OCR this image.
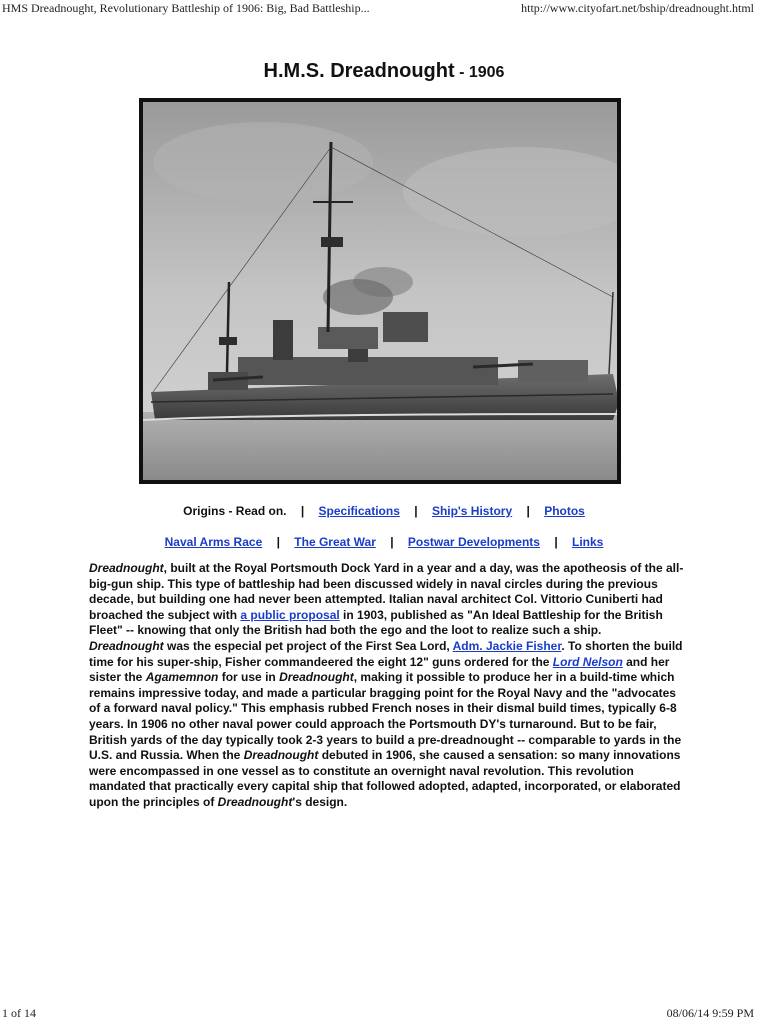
HMS Dreadnought, Revolutionary Battleship of 1906: Big, Bad Battleship...	http://www.cityofart.net/bship/dreadnought.html
H.M.S. Dreadnought - 1906
Origins - Read on. | Specifications | Ship's History | Photos
Naval Arms Race | The Great War | Postwar Developments | Links
Dreadnought, built at the Royal Portsmouth Dock Yard in a year and a day, was the apotheosis of the all-big-gun ship. This type of battleship had been discussed widely in naval circles during the previous decade, but building one had never been attempted. Italian naval architect Col. Vittorio Cuniberti had broached the subject with a public proposal in 1903, published as "An Ideal Battleship for the British Fleet" -- knowing that only the British had both the ego and the loot to realize such a ship.
Dreadnought was the especial pet project of the First Sea Lord, Adm. Jackie Fisher. To shorten the build time for his super-ship, Fisher commandeered the eight 12" guns ordered for the Lord Nelson and her sister the Agamemnon for use in Dreadnought, making it possible to produce her in a build-time which remains impressive today, and made a particular bragging point for the Royal Navy and the "advocates of a forward naval policy." This emphasis rubbed French noses in their dismal build times, typically 6-8 years. In 1906 no other naval power could approach the Portsmouth DY's turnaround. But to be fair, British yards of the day typically took 2-3 years to build a pre-dreadnought -- comparable to yards in the U.S. and Russia. When the Dreadnought debuted in 1906, she caused a sensation: so many innovations were encompassed in one vessel as to constitute an overnight naval revolution. This revolution mandated that practically every capital ship that followed adopted, adapted, incorporated, or elaborated upon the principles of Dreadnought's design.
1 of 14	08/06/14 9:59 PM
